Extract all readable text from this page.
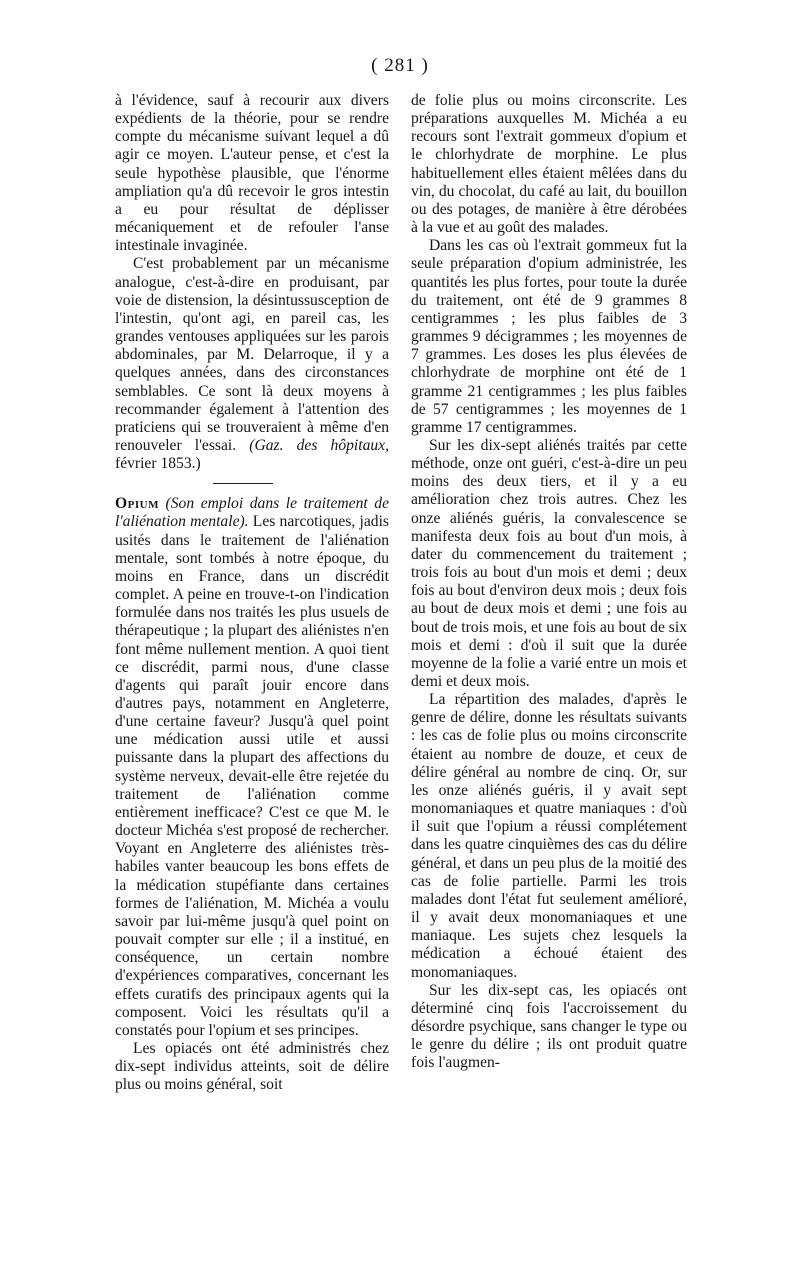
( 281 )

à l'évidence, sauf à recourir aux divers expédients de la théorie, pour se rendre compte du mécanisme suivant lequel a dû agir ce moyen. L'auteur pense, et c'est la seule hypothèse plausible, que l'énorme ampliation qu'a dû recevoir le gros intestin a eu pour résultat de déplisser mécaniquement et de refouler l'anse intestinale invaginée.

C'est probablement par un mécanisme analogue, c'est-à-dire en produisant, par voie de distension, la désintussusception de l'intestin, qu'ont agi, en pareil cas, les grandes ventouses appliquées sur les parois abdominales, par M. Delarroque, il y a quelques années, dans des circonstances semblables. Ce sont là deux moyens à recommander également à l'attention des praticiens qui se trouveraient à même d'en renouveler l'essai. (Gaz. des hôpitaux, février 1853.)

Opium (Son emploi dans le traitement de l'aliénation mentale). Les narcotiques, jadis usités dans le traitement de l'aliénation mentale, sont tombés à notre époque, du moins en France, dans un discrédit complet. A peine en trouve-t-on l'indication formulée dans nos traités les plus usuels de thérapeutique ; la plupart des aliénistes n'en font même nullement mention. A quoi tient ce discrédit, parmi nous, d'une classe d'agents qui paraît jouir encore dans d'autres pays, notamment en Angleterre, d'une certaine faveur? Jusqu'à quel point une médication aussi utile et aussi puissante dans la plupart des affections du système nerveux, devait-elle être rejetée du traitement de l'aliénation comme entièrement inefficace? C'est ce que M. le docteur Michéa s'est proposé de rechercher. Voyant en Angleterre des aliénistes très-habiles vanter beaucoup les bons effets de la médication stupéfiante dans certaines formes de l'aliénation, M. Michéa a voulu savoir par lui-même jusqu'à quel point on pouvait compter sur elle ; il a institué, en conséquence, un certain nombre d'expériences comparatives, concernant les effets curatifs des principaux agents qui la composent. Voici les résultats qu'il a constatés pour l'opium et ses principes.

Les opiacés ont été administrés chez dix-sept individus atteints, soit de délire plus ou moins général, soit

de folie plus ou moins circonscrite. Les préparations auxquelles M. Michéa a eu recours sont l'extrait gommeux d'opium et le chlorhydrate de morphine. Le plus habituellement elles étaient mêlées dans du vin, du chocolat, du café au lait, du bouillon ou des potages, de manière à être dérobées à la vue et au goût des malades.

Dans les cas où l'extrait gommeux fut la seule préparation d'opium administrée, les quantités les plus fortes, pour toute la durée du traitement, ont été de 9 grammes 8 centigrammes ; les plus faibles de 3 grammes 9 décigrammes ; les moyennes de 7 grammes. Les doses les plus élevées de chlorhydrate de morphine ont été de 1 gramme 21 centigrammes ; les plus faibles de 57 centigrammes ; les moyennes de 1 gramme 17 centigrammes.

Sur les dix-sept aliénés traités par cette méthode, onze ont guéri, c'est-à-dire un peu moins des deux tiers, et il y a eu amélioration chez trois autres. Chez les onze aliénés guéris, la convalescence se manifesta deux fois au bout d'un mois, à dater du commencement du traitement ; trois fois au bout d'un mois et demi ; deux fois au bout d'environ deux mois ; deux fois au bout de deux mois et demi ; une fois au bout de trois mois, et une fois au bout de six mois et demi : d'où il suit que la durée moyenne de la folie a varié entre un mois et demi et deux mois.

La répartition des malades, d'après le genre de délire, donne les résultats suivants : les cas de folie plus ou moins circonscrite étaient au nombre de douze, et ceux de délire général au nombre de cinq. Or, sur les onze aliénés guéris, il y avait sept monomaniaques et quatre maniaques : d'où il suit que l'opium a réussi complétement dans les quatre cinquièmes des cas du délire général, et dans un peu plus de la moitié des cas de folie partielle. Parmi les trois malades dont l'état fut seulement amélioré, il y avait deux monomaniaques et une maniaque. Les sujets chez lesquels la médication a échoué étaient des monomaniaques.

Sur les dix-sept cas, les opiacés ont déterminé cinq fois l'accroissement du désordre psychique, sans changer le type ou le genre du délire ; ils ont produit quatre fois l'augmen-
